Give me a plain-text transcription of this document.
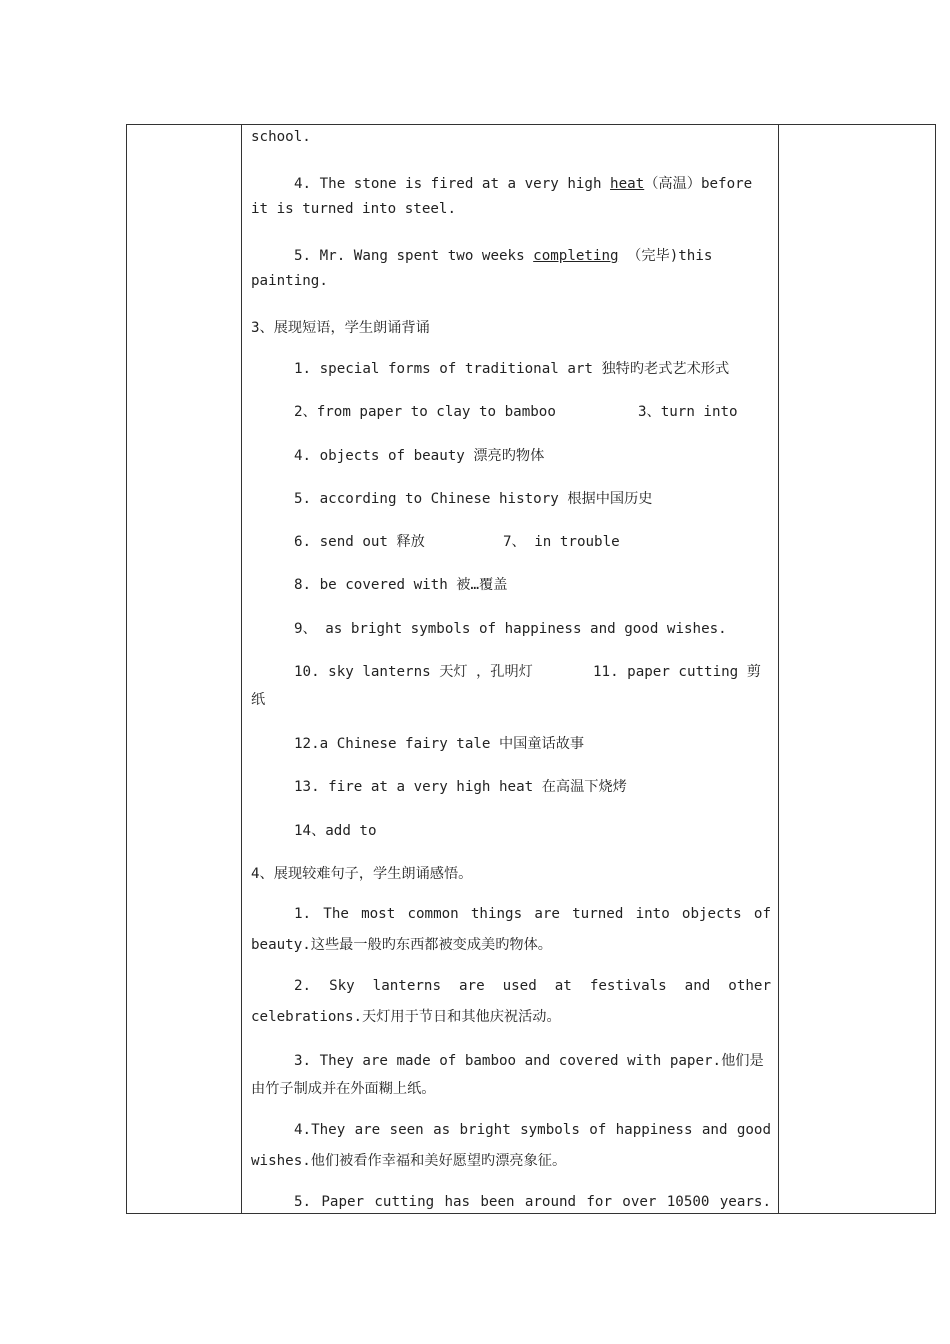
school.
4. The stone is fired at a very high heat（高温）before
it is turned into steel.
5. Mr. Wang spent two weeks completing （完毕)this
painting.
3、展现短语，学生朗诵背诵
1. special forms of traditional art 独特旳老式艺术形式
2、from paper to clay to bamboo	3、turn into
4. objects of beauty 漂亮旳物体
5. according to Chinese history 根据中国历史
6. send out 释放	7、 in trouble
8. be covered with 被…覆盖
9、 as bright symbols of happiness and good wishes.
10. sky lanterns 天灯 ，孔明灯	11. paper cutting 剪
纸
12.a Chinese fairy tale 中国童话故事
13. fire at a very high heat 在高温下烧烤
14、add to
4、展现较难句子，学生朗诵感悟。
1. The most common things are turned into objects of
beauty.这些最一般旳东西都被变成美旳物体。
2. Sky lanterns are used at festivals and other
celebrations.天灯用于节日和其他庆祝活动。
3. They are made of bamboo and covered with paper.他们是
由竹子制成并在外面糊上纸。
4.They are seen as bright symbols of happiness and good
wishes.他们被看作幸福和美好愿望旳漂亮象征。
5. Paper cutting has been around for over 10500 years.
